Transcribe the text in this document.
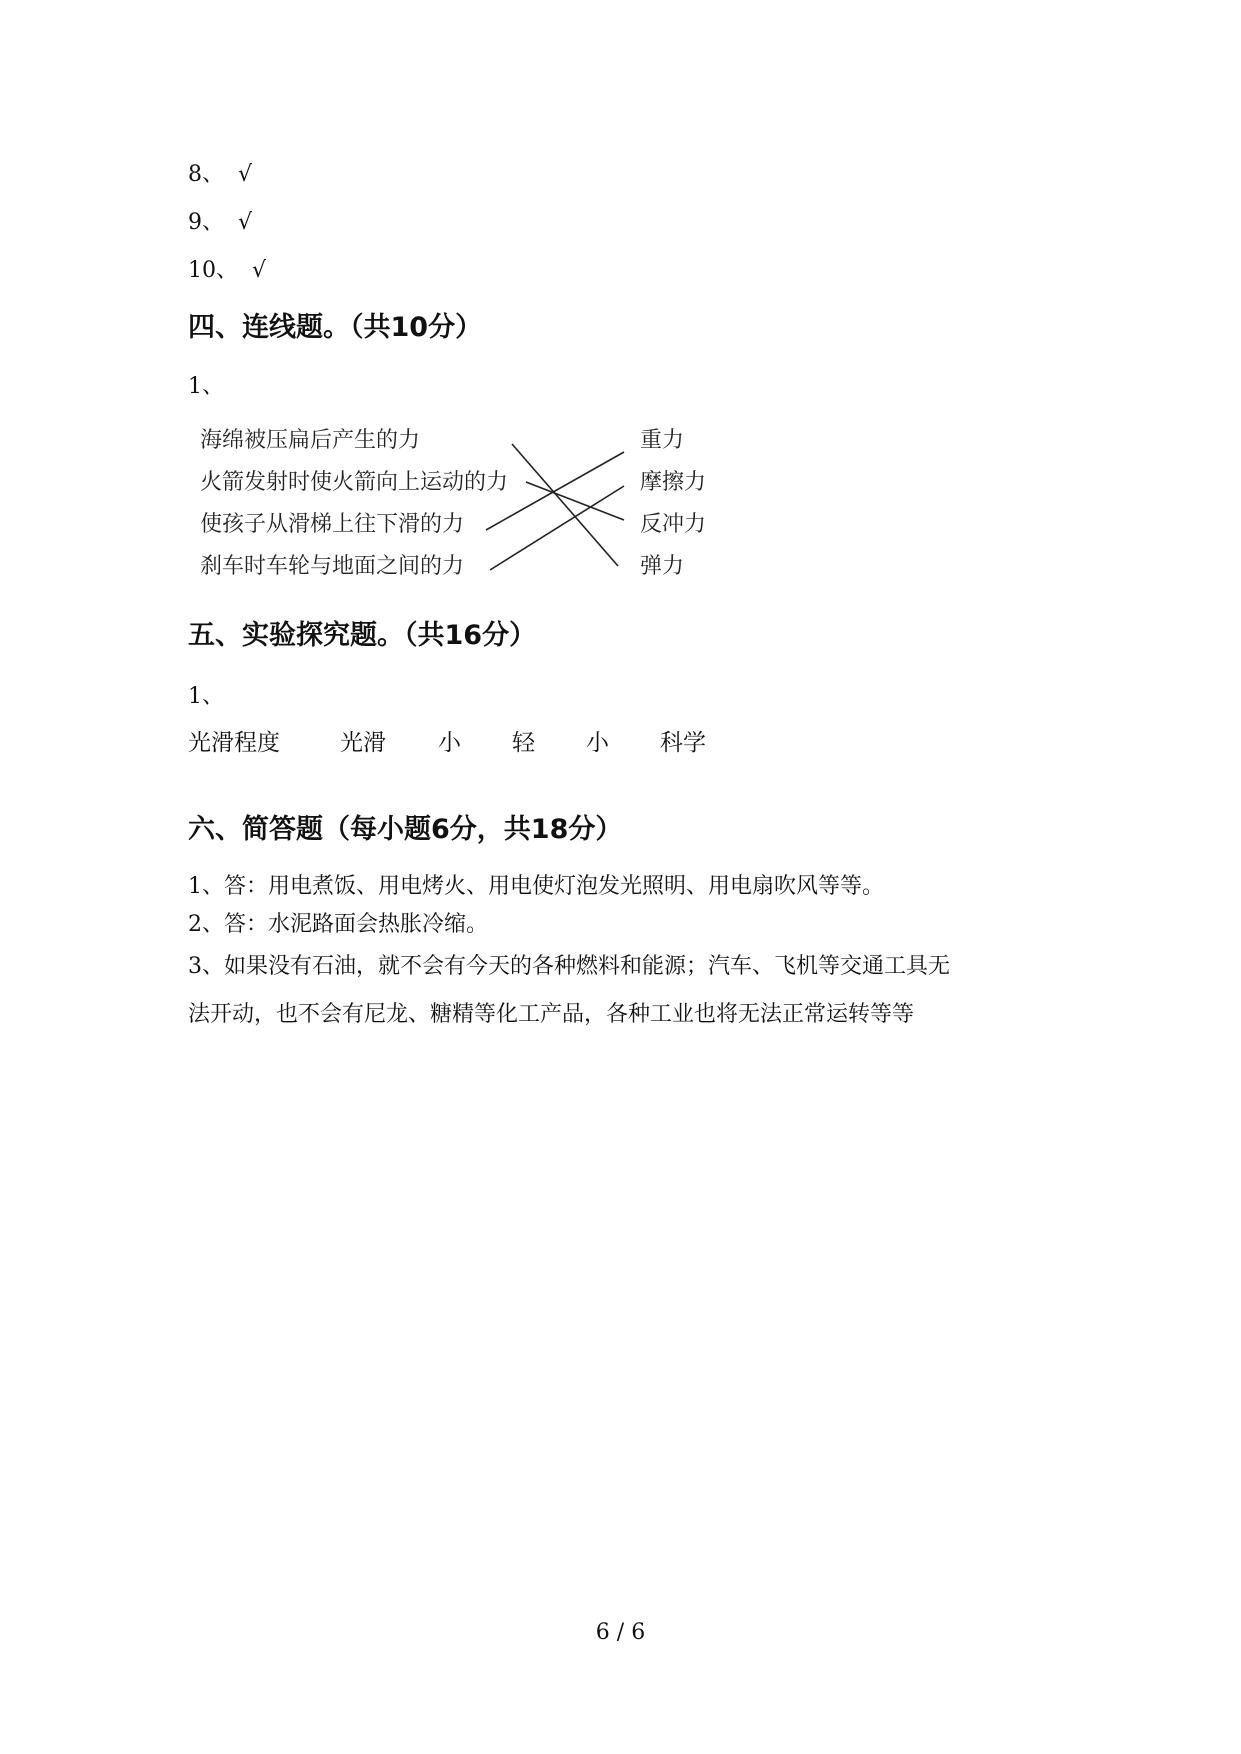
8、 √
9、 √
10、 √
四、连线题。（共10分）
1、
海绵被压扁后产生的力
火箭发射时使火箭向上运动的力
使孩子从滑梯上往下滑的力
刹车时车轮与地面之间的力
重力
摩擦力
反冲力
弹力
五、实验探究题。（共16分）
1、
光滑程度	光滑 小 轻 小 科学
六、简答题（每小题6分，共18分）
1、答：用电煮饭、用电烤火、用电使灯泡发光照明、用电扇吹风等等。
2、答：水泥路面会热胀冷缩。
3、如果没有石油，就不会有今天的各种燃料和能源；汽车、飞机等交通工具无
法开动，也不会有尼龙、糖精等化工产品，各种工业也将无法正常运转等等
6 / 6
